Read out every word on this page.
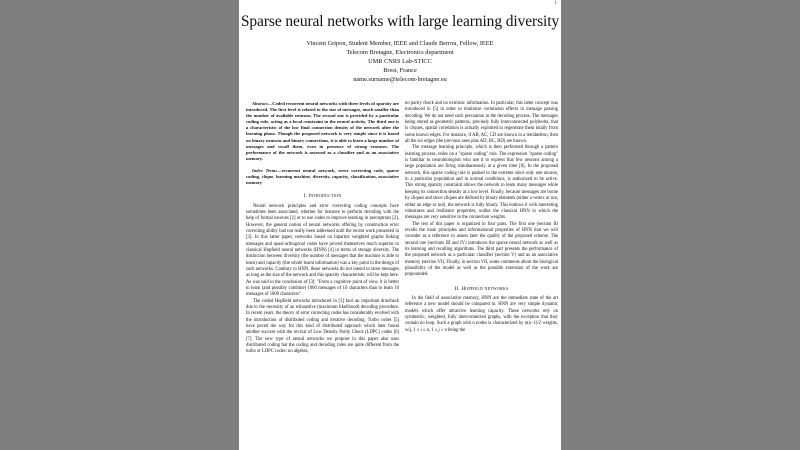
1
Sparse neural networks with large learning diversity
Vincent Gripon, Student Member, IEEE and Claude Berrou, Fellow, IEEE
Telecom Bretagne, Electronics department
UMR CNRS Lab-STICC
Brest, France
name.surname@telecom-bretagne.eu

Abstract—Coded recurrent neural networks with three levels of sparsity are introduced. The first level is related to the size of messages, much smaller than the number of available neurons. The second one is provided by a particular coding rule, acting as a local constraint in the neural activity. The third one is a characteristic of the low final connection density of the network after the learning phase. Though the proposed network is very simple since it is based on binary neurons and binary connections, it is able to learn a large number of messages and recall them, even in presence of strong erasures. The performance of the network is assessed as a classifier and as an associative memory.

Index Terms—recurrent neural network, error correcting code, sparse coding, clique, learning machine, diversity, capacity, classification, associative memory

I. Introduction

Neural network principles and error correcting coding concepts have sometimes been associated, whether for instance to perform decoding with the help of formal neurons [1] or to use codes to improve learning in perceptrons [2]. However, the general notion of neural networks offering by construction error correcting ability had not really been addressed until the recent work presented in [3]. In this latter paper, networks based on bipartite weighted graphs linking messages and quasi-orthogonal codes have proved themselves much superior to classical Hopfield neural networks (HNN) [4] in terms of storage diversity. The distinction between diversity (the number of messages that the machine is able to learn) and capacity (the whole learnt information) was a key point in the design of such networks. Contrary to HNN, these networks do not intend to store messages as long as the size of the network and this sparsity characteristic will be kept here. As was said in the conclusion of [3]: "From a cognitive point of view, it is better to learn (and possibly combine) 1000 messages of 10 characters than to learn 10 messages of 1000 characters".

The coded Hopfield networks introduced in [3] face an important drawback due to the necessity of an exhaustive (maximum likelihood) decoding procedure. In recent years, the theory of error correcting codes has considerably evolved with the introduction of distributed coding and iterative decoding. Turbo codes [5] have paved the way for this kind of distributed approach which later found another success with the revival of Low Density Parity Check (LDPC) codes [6] [7]. The new type of neural networks we propose in this paper also uses distributed coding but the coding and decoding rules are quite different from the turbo or LDPC codes: no algebra,

no parity check and no extrinsic information. In particular, this latter concept was introduced in [5] in order to minimize correlation effects in message passing decoding. We do not need such precaution in the decoding process. The messages being stored as geometric patterns, precisely fully interconnected polyhedra, that is cliques, spatial correlation is actually exploited to regenerate them totally from some known edges. For instance, if AB, AC, CD are known in a tetrahedron, then all the six edges (the previous ones plus AD, BC, BD) are known.

The message learning principle, which is then performed through a pattern learning process, relies on a "sparse coding" rule. The expression "sparse coding" is familiar to neurobiologists who use it to express that few neurons among a large population are firing simultaneously at a given time [8]. In the proposed network, this sparse coding rule is pushed to the extreme since only one neuron, in a particular population and in normal conditions, is authorized to be active. This strong sparsity constraint allows the network to learn many messages while keeping its connection density at a low level. Finally, because messages are borne by cliques and since cliques are defined by binary elements (either a vertex or not, either an edge or not), the network is fully binary. This endows it with interesting robustness and resilience properties, unlike the classical HNN in which the messages are very sensitive to the connection weights.

The rest of this paper is organized in four parts. The first one (section II) recalls the main principles and informational properties of HNN that we will consider as a reference to assess later the quality of the proposed scheme. The second one (sections III and IV) introduces the sparse neural network as well as its learning and recalling algorithms. The third part presents the performance of the proposed network as a particular classifier (section V) and as an associative memory (section VI). Finally, in section VII, some comments about the biological plausibility of the model as well as the possible extension of the work are propounded.

II. Hopfield networks

In the field of associative memory, HNN are the immediate state of the art reference a new model should be compared to. HNN are very simple dynamic models which offer attractive learning capacity. These networks rely on symmetric, weighted, fully interconnected graphs, with the exception that they contain no loop. Such a graph with n nodes is characterized by n(n−1)/2 weights, wij, 1 ≤ i ≤ n, 1 ≤ j ≤ n being the
